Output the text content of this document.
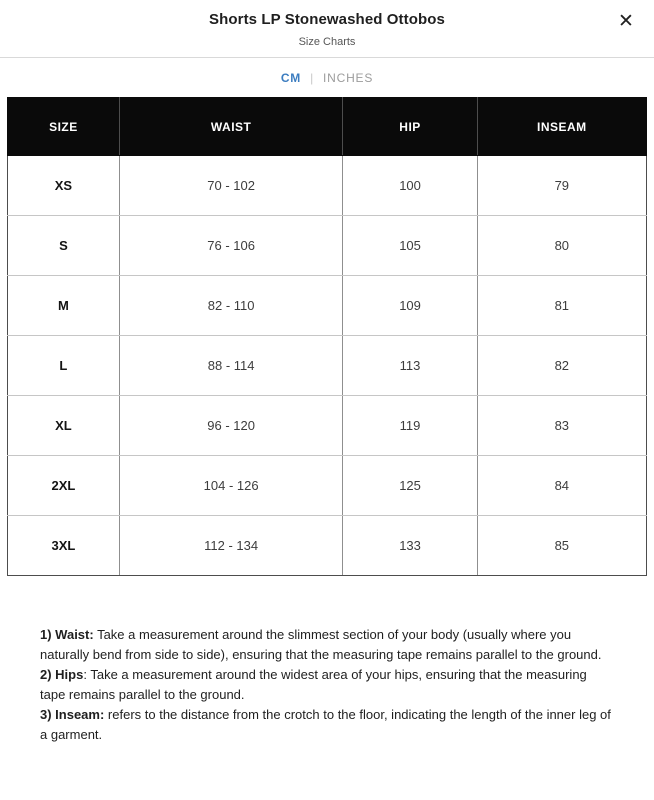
Shorts LP Stonewashed Ottobos
Size Charts
✕
CM | INCHES
SIZE	WAIST	HIP	INSEAM
XS	70 - 102	100	79
S	76 - 106	105	80
M	82 - 110	109	81
L	88 - 114	113	82
XL	96 - 120	119	83
2XL	104 - 126	125	84
3XL	112 - 134	133	85

1) Waist: Take a measurement around the slimmest section of your body (usually where you naturally bend from side to side), ensuring that the measuring tape remains parallel to the ground.

2) Hips: Take a measurement around the widest area of your hips, ensuring that the measuring tape remains parallel to the ground.

3) Inseam: refers to the distance from the crotch to the floor, indicating the length of the inner leg of a garment.
